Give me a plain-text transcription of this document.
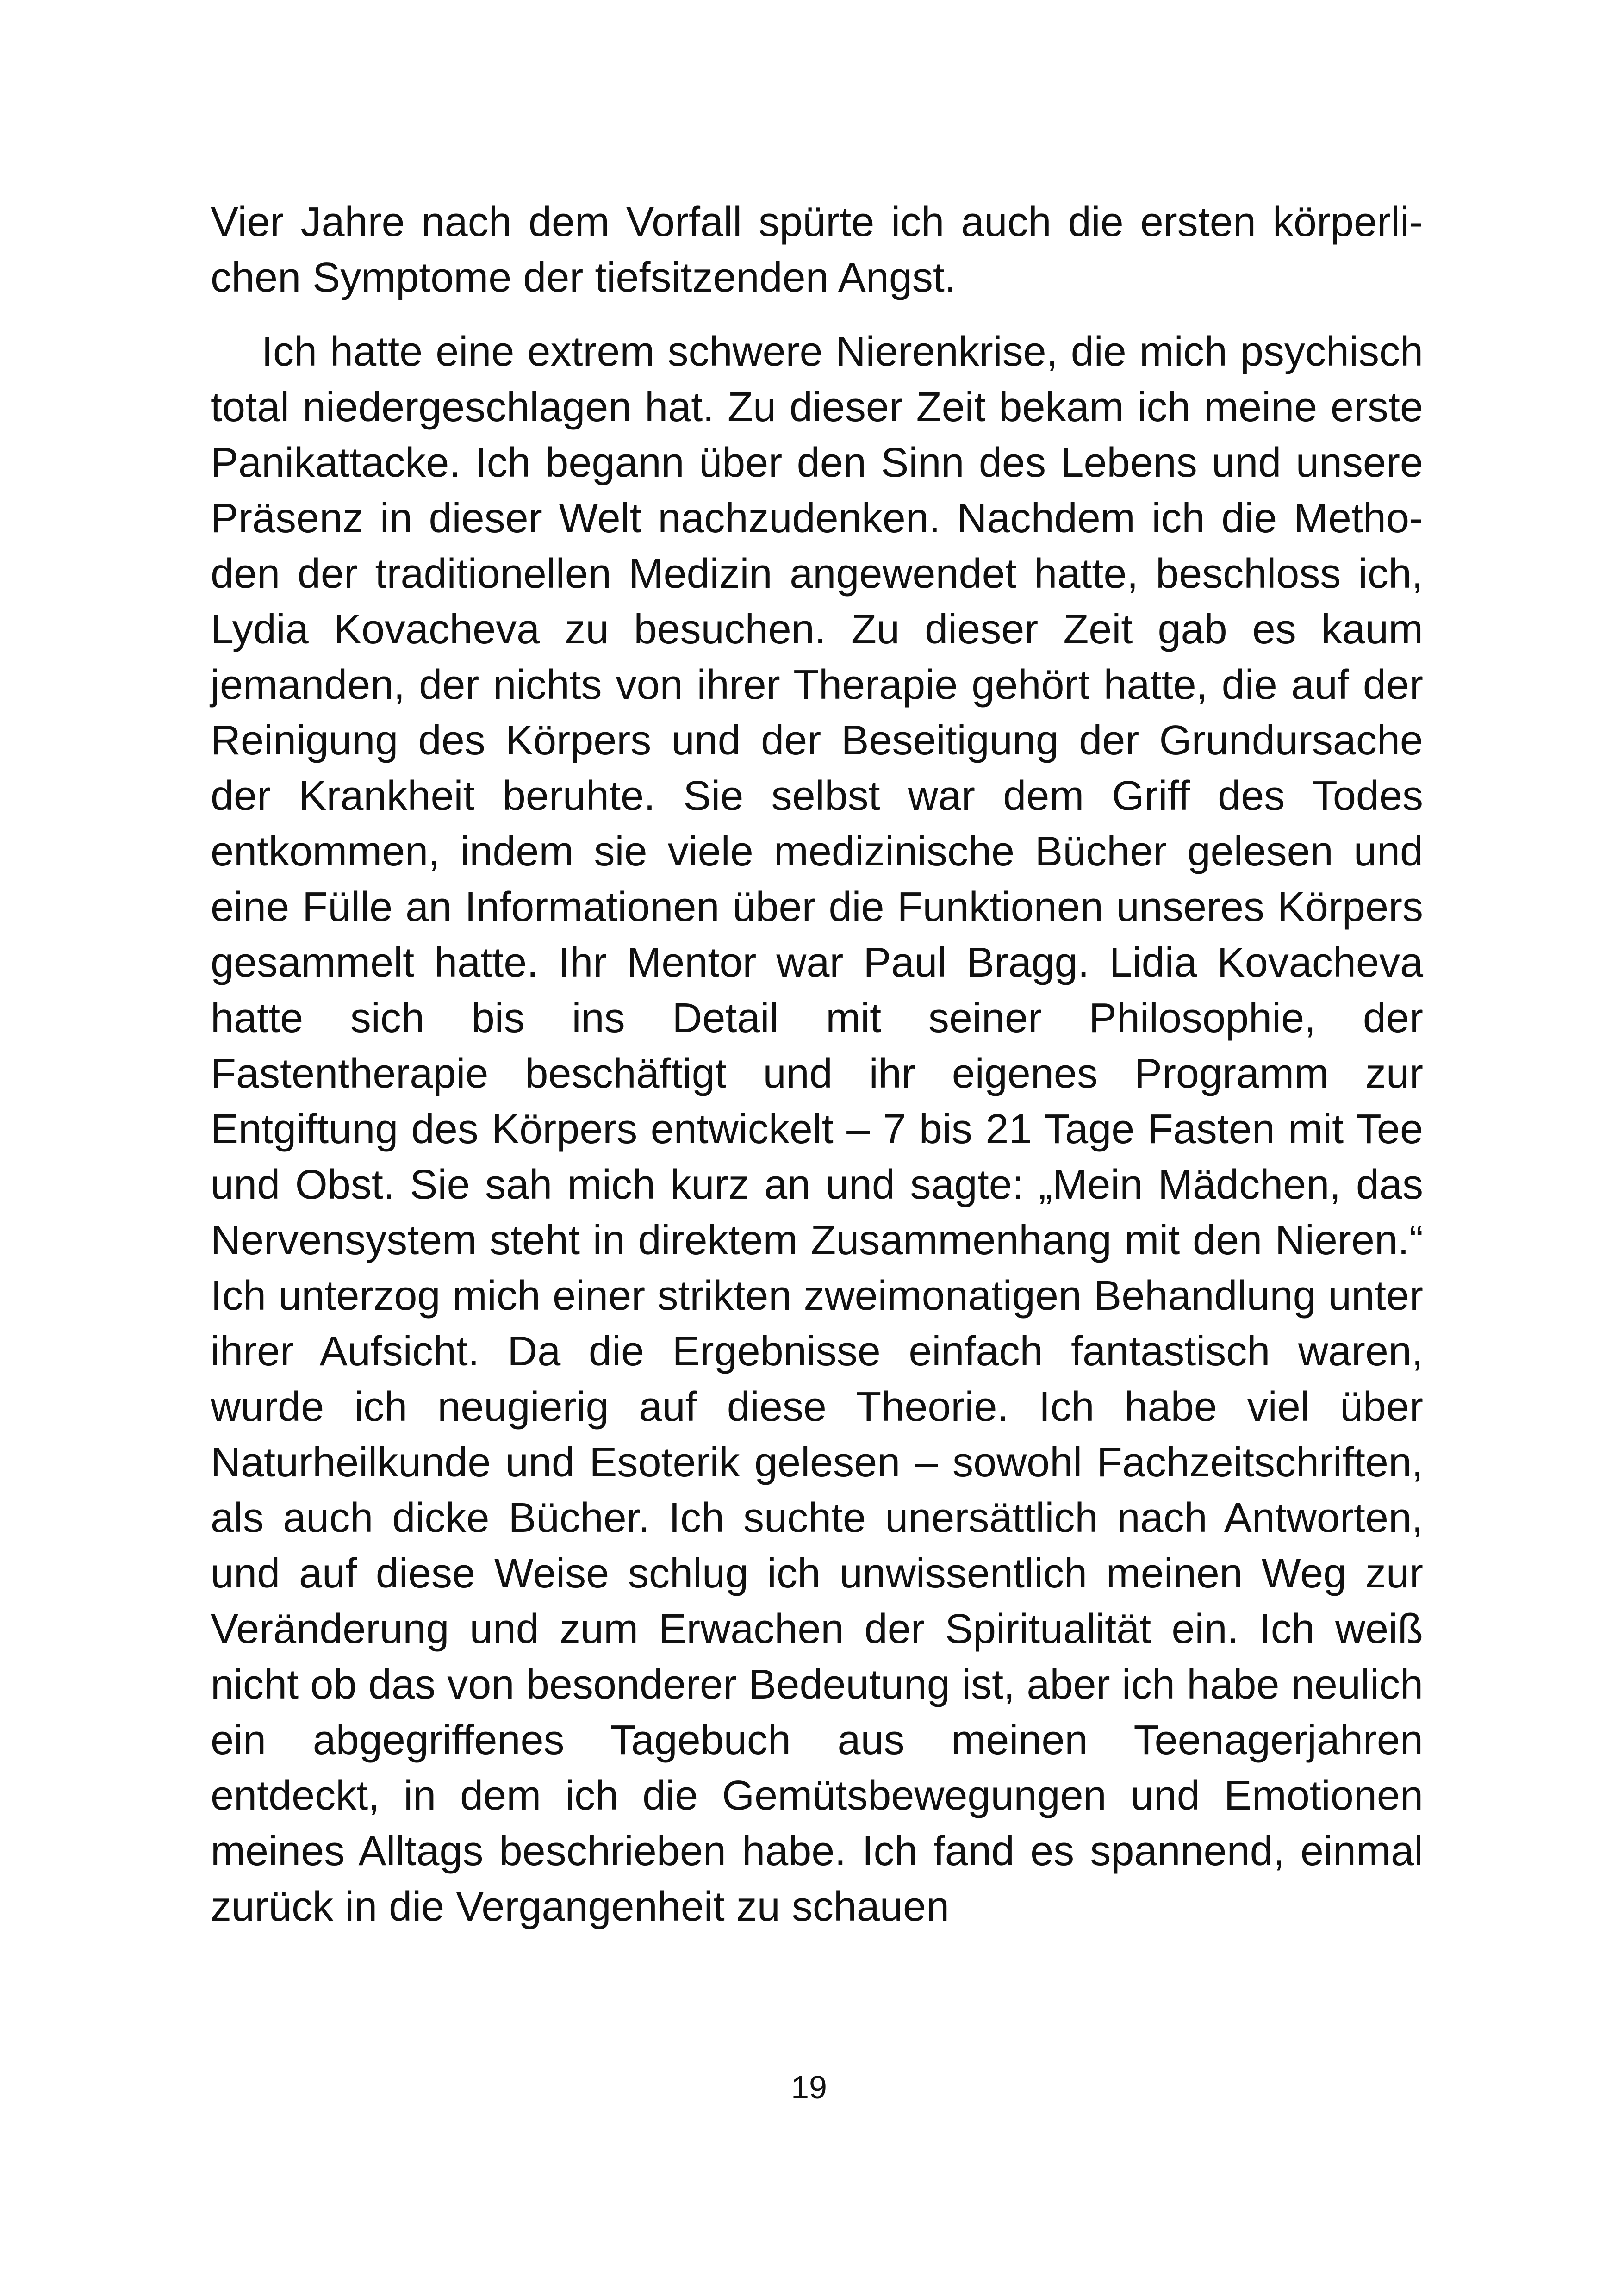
Vier Jahre nach dem Vorfall spürte ich auch die ersten körperlichen Symptome der tiefsitzenden Angst.

Ich hatte eine extrem schwere Nierenkrise, die mich psychisch total niedergeschlagen hat. Zu dieser Zeit bekam ich meine erste Panikattacke. Ich begann über den Sinn des Lebens und unsere Präsenz in dieser Welt nachzudenken. Nachdem ich die Methoden der traditionellen Medizin angewendet hatte, beschloss ich, Lydia Kovacheva zu besuchen. Zu dieser Zeit gab es kaum jemanden, der nichts von ihrer Therapie gehört hatte, die auf der Reinigung des Körpers und der Beseitigung der Grundursache der Krankheit beruhte. Sie selbst war dem Griff des Todes entkommen, indem sie viele medizinische Bücher gelesen und eine Fülle an Informationen über die Funktionen unseres Körpers gesammelt hatte. Ihr Mentor war Paul Bragg. Lidia Kovacheva hatte sich bis ins Detail mit seiner Philosophie, der Fastentherapie beschäftigt und ihr eigenes Programm zur Entgiftung des Körpers entwickelt – 7 bis 21 Tage Fasten mit Tee und Obst. Sie sah mich kurz an und sagte: „Mein Mädchen, das Nervensystem steht in direktem Zusammenhang mit den Nieren.“ Ich unterzog mich einer strikten zweimonatigen Behandlung unter ihrer Aufsicht. Da die Ergebnisse einfach fantastisch waren, wurde ich neugierig auf diese Theorie. Ich habe viel über Naturheilkunde und Esoterik gelesen – sowohl Fachzeitschriften, als auch dicke Bücher. Ich suchte unersättlich nach Antworten, und auf diese Weise schlug ich unwissentlich meinen Weg zur Veränderung und zum Erwachen der Spiritualität ein. Ich weiß nicht ob das von besonderer Bedeutung ist, aber ich habe neulich ein abgegriffenes Tagebuch aus meinen Teenagerjahren entdeckt, in dem ich die Gemütsbewegungen und Emotionen meines Alltags beschrieben habe. Ich fand es spannend, einmal zurück in die Vergangenheit zu schauen

19
